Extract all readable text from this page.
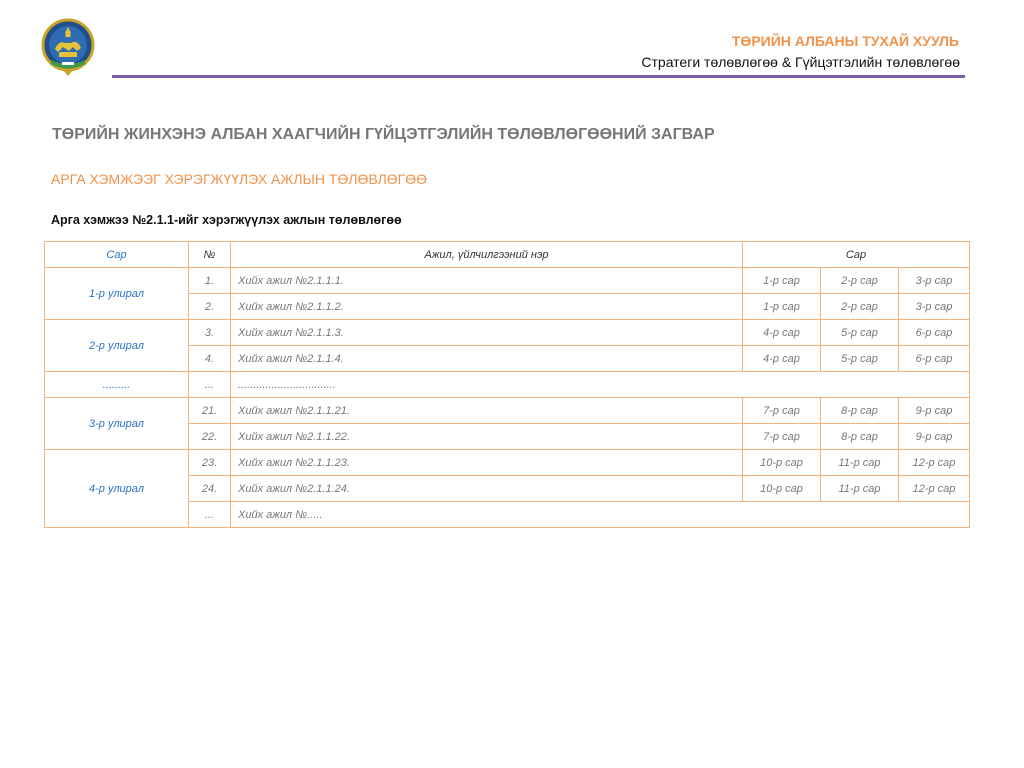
ТӨРИЙН АЛБАНЫ ТУХАЙ ХУУЛЬ
Стратеги төлөвлөгөө & Гүйцэтгэлийн төлөвлөгөө
ТӨРИЙН ЖИНХЭНЭ АЛБАН ХААГЧИЙН ГҮЙЦЭТГЭЛИЙН ТӨЛӨВЛӨГӨӨНИЙ ЗАГВАР
АРГА ХЭМЖЭЭГ ХЭРЭГЖҮҮЛЭХ АЖЛЫН ТӨЛӨВЛӨГӨӨ
Арга хэмжээ №2.1.1-ийг хэрэгжүүлэх ажлын төлөвлөгөө
Сар	№	Ажил, үйлчилгээний нэр	Сар		
1-р улирал	1.	Хийх ажил №2.1.1.1.	1-р сар	2-р сар	3-р сар
	2.	Хийх ажил №2.1.1.2.	1-р сар	2-р сар	3-р сар
2-р улирал	3.	Хийх ажил №2.1.1.3.	4-р сар	5-р сар	6-р сар
	4.	Хийх ажил №2.1.1.4.	4-р сар	5-р сар	6-р сар
.........	...	................................			
3-р улирал	21.	Хийх ажил №2.1.1.21.	7-р сар	8-р сар	9-р сар
	22.	Хийх ажил №2.1.1.22.	7-р сар	8-р сар	9-р сар
4-р улирал	23.	Хийх ажил №2.1.1.23.	10-р сар	11-р сар	12-р сар
	24.	Хийх ажил №2.1.1.24.	10-р сар	11-р сар	12-р сар
	...	Хийх ажил №.....			
